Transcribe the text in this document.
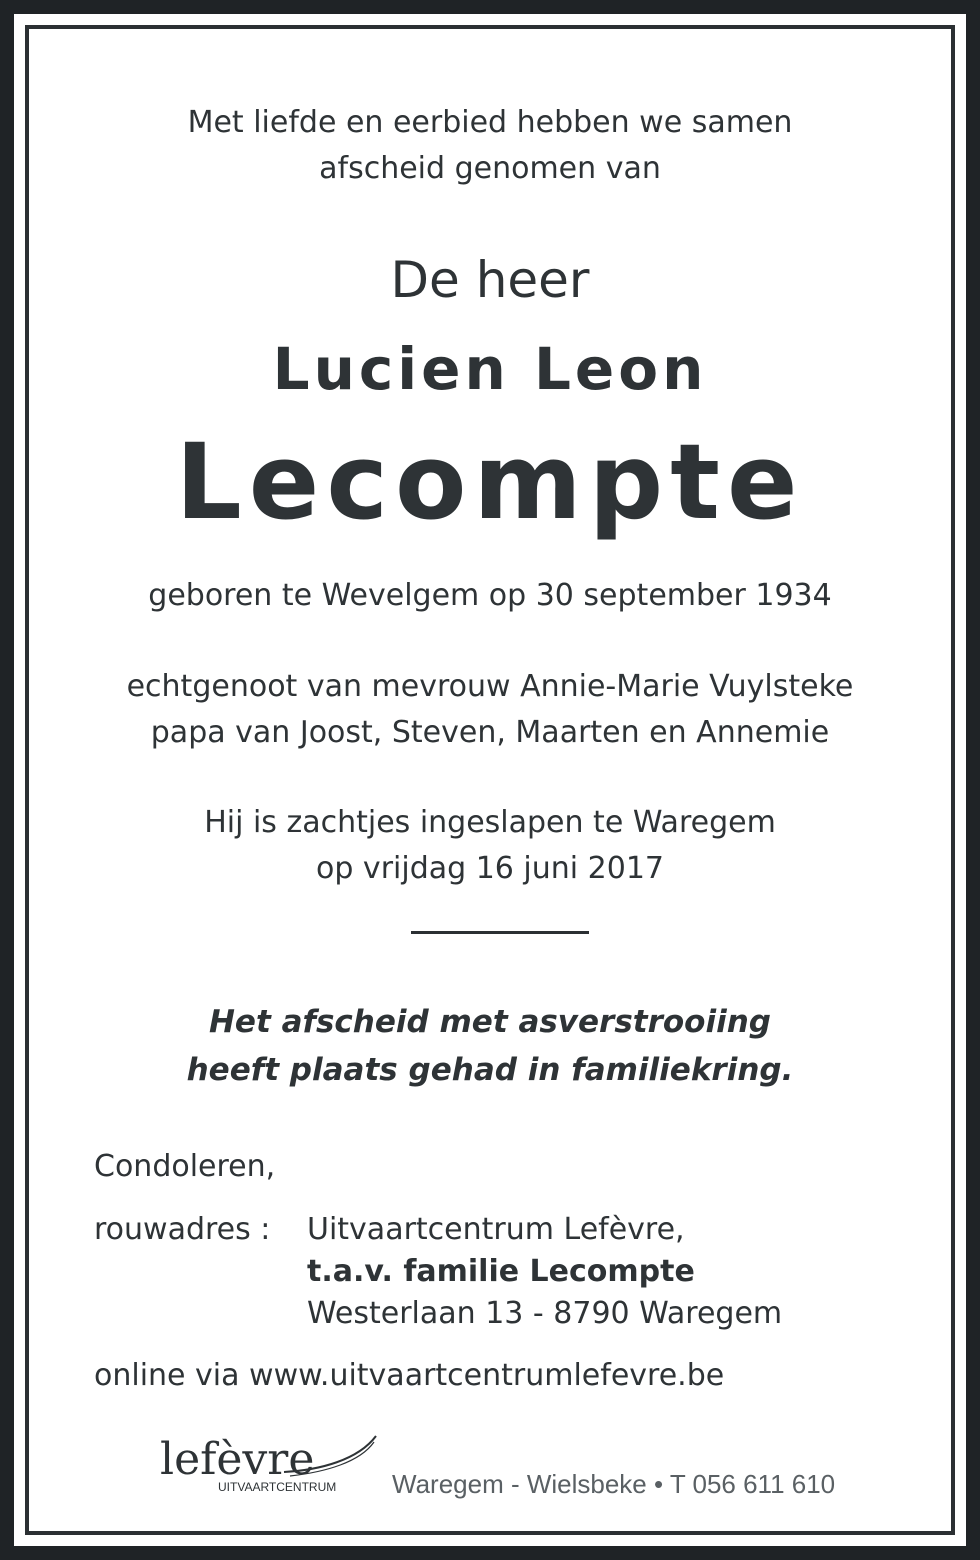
Met liefde en eerbied hebben we samen
afscheid genomen van
De heer
Lucien Leon
Lecompte
geboren te Wevelgem op 30 september 1934
echtgenoot van mevrouw Annie-Marie Vuylsteke
papa van Joost, Steven, Maarten en Annemie
Hij is zachtjes ingeslapen te Waregem
op vrijdag 16 juni 2017
Het afscheid met asverstrooiing
heeft plaats gehad in familiekring.
Condoleren,
rouwadres : Uitvaartcentrum Lefèvre,
t.a.v. familie Lecompte
Westerlaan 13 - 8790 Waregem
online via www.uitvaartcentrumlefevre.be
lefèvre
UITVAARTCENTRUM Waregem - Wielsbeke • T 056 611 610
